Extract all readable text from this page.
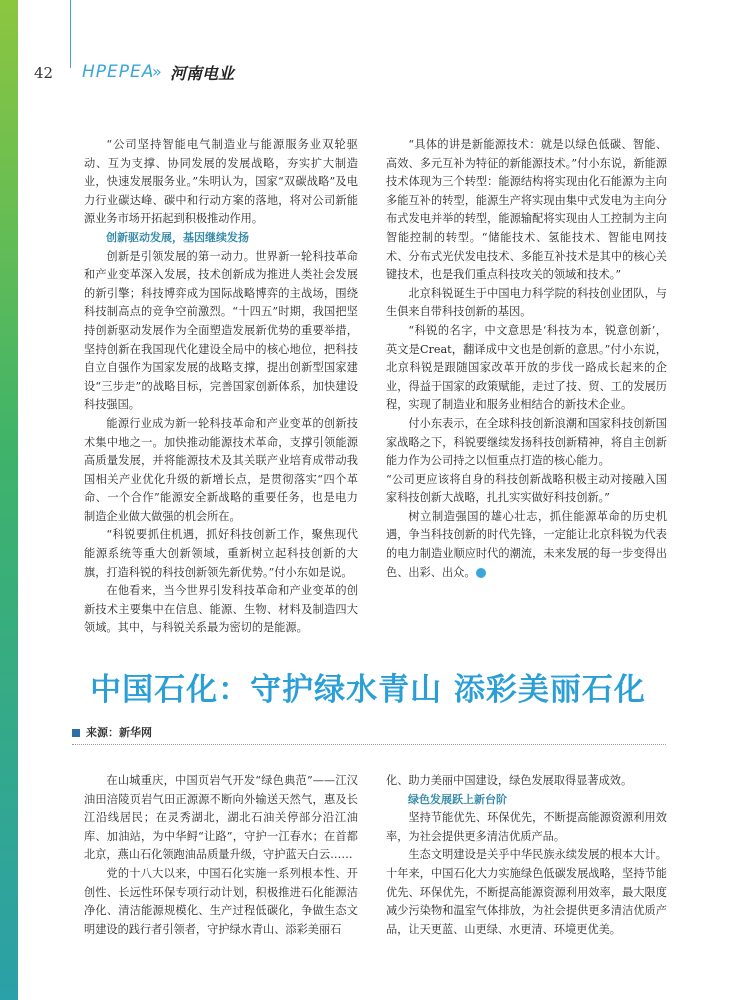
42 HPEPEA
» 河南电业

“公司坚持智能电气制造业与能源服务业双轮驱动、互为支撑、协同发展的发展战略，夯实扩大制造业，快速发展服务业。”朱明认为，国家“双碳战略”及电力行业碳达峰、碳中和行动方案的落地，将对公司新能源业务市场开拓起到积极推动作用。

创新驱动发展，基因继续发扬

创新是引领发展的第一动力。世界新一轮科技革命和产业变革深入发展，技术创新成为推进人类社会发展的新引擎；科技博弈成为国际战略博弈的主战场，围绕科技制高点的竞争空前激烈。“十四五”时期，我国把坚持创新驱动发展作为全面塑造发展新优势的重要举措，坚持创新在我国现代化建设全局中的核心地位，把科技自立自强作为国家发展的战略支撑，提出创新型国家建设“三步走”的战略目标，完善国家创新体系，加快建设科技强国。

能源行业成为新一轮科技革命和产业变革的创新技术集中地之一。加快推动能源技术革命，支撑引领能源高质量发展，并将能源技术及其关联产业培育成带动我国相关产业优化升级的新增长点，是贯彻落实“四个革命、一个合作”能源安全新战略的重要任务，也是电力制造企业做大做强的机会所在。

“科锐要抓住机遇，抓好科技创新工作，聚焦现代能源系统等重大创新领域，重新树立起科技创新的大旗，打造科锐的科技创新领先新优势。”付小东如是说。

在他看来，当今世界引发科技革命和产业变革的创新技术主要集中在信息、能源、生物、材料及制造四大领域。其中，与科锐关系最为密切的是能源。

“具体的讲是新能源技术：就是以绿色低碳、智能、高效、多元互补为特征的新能源技术。”付小东说，新能源技术体现为三个转型：能源结构将实现由化石能源为主向多能互补的转型，能源生产将实现由集中式发电为主向分布式发电并举的转型，能源输配将实现由人工控制为主向智能控制的转型。“储能技术、氢能技术、智能电网技术、分布式光伏发电技术、多能互补技术是其中的核心关键技术，也是我们重点科技攻关的领域和技术。”

北京科锐诞生于中国电力科学院的科技创业团队，与生俱来自带科技创新的基因。

“科锐的名字，中文意思是‘科技为本，锐意创新’，英文是Creat，翻译成中文也是创新的意思。”付小东说，北京科锐是跟随国家改革开放的步伐一路成长起来的企业，得益于国家的政策赋能，走过了技、贸、工的发展历程，实现了制造业和服务业相结合的新技术企业。

付小东表示，在全球科技创新浪潮和国家科技创新国家战略之下，科锐要继续发扬科技创新精神，将自主创新能力作为公司持之以恒重点打造的核心能力。

“公司更应该将自身的科技创新战略积极主动对接融入国家科技创新大战略，扎扎实实做好科技创新。”

树立制造强国的雄心壮志，抓住能源革命的历史机遇，争当科技创新的时代先锋，一定能让北京科锐为代表的电力制造业顺应时代的潮流，未来发展的每一步变得出色、出彩、出众。	C

中国石化：守护绿水青山 添彩美丽石化
来源：新华网

在山城重庆，中国页岩气开发“绿色典范”——江汉油田涪陵页岩气田正源源不断向外输送天然气，惠及长江沿线居民；在灵秀湖北，湖北石油关停部分沿江油库、加油站，为中华鲟“让路”，守护一江春水；在首都北京，燕山石化领跑油品质量升级，守护蓝天白云……

党的十八大以来，中国石化实施一系列根本性、开创性、长远性环保专项行动计划，积极推进石化能源洁净化、清洁能源规模化、生产过程低碳化，争做生态文明建设的践行者引领者，守护绿水青山、添彩美丽石

化、助力美丽中国建设，绿色发展取得显著成效。

绿色发展跃上新台阶

坚持节能优先、环保优先，不断提高能源资源利用效率，为社会提供更多清洁优质产品。

生态文明建设是关乎中华民族永续发展的根本大计。十年来，中国石化大力实施绿色低碳发展战略，坚持节能优先、环保优先，不断提高能源资源利用效率，最大限度减少污染物和温室气体排放，为社会提供更多清洁优质产品，让天更蓝、山更绿、水更清、环境更优美。
